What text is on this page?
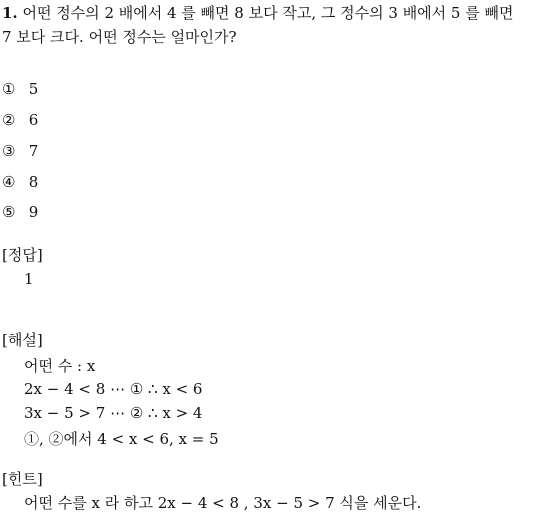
1. 어떤 정수의 2 배에서 4 를 빼면 8 보다 작고, 그 정수의 3 배에서 5 를 빼면
7 보다 크다. 어떤 정수는 얼마인가?
① 5
② 6
③ 7
④ 8
⑤ 9
[정답]
1
[해설]
어떤 수 : x
2x − 4 < 8 ⋯ ① ∴ x < 6
3x − 5 > 7 ⋯ ② ∴ x > 4
①, ②에서 4 < x < 6, x = 5
[힌트]
어떤 수를 x 라 하고 2x − 4 < 8 , 3x − 5 > 7 식을 세운다.
